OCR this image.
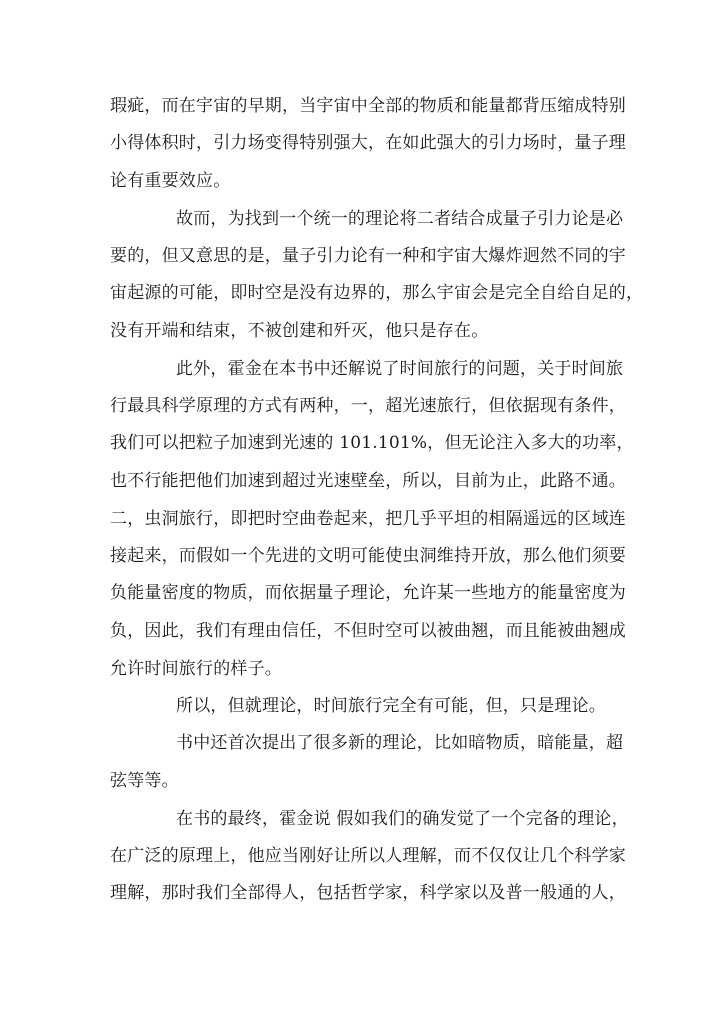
瑕疵，而在宇宙的早期，当宇宙中全部的物质和能量都背压缩成特别
小得体积时，引力场变得特别强大，在如此强大的引力场时，量子理
论有重要效应。
故而，为找到一个统一的理论将二者结合成量子引力论是必
要的，但又意思的是，量子引力论有一种和宇宙大爆炸迥然不同的宇
宙起源的可能，即时空是没有边界的，那么宇宙会是完全自给自足的，
没有开端和结束，不被创建和歼灭，他只是存在。
此外，霍金在本书中还解说了时间旅行的问题，关于时间旅
行最具科学原理的方式有两种，一，超光速旅行，但依据现有条件，
我们可以把粒子加速到光速的 101.101%，但无论注入多大的功率，
也不行能把他们加速到超过光速壁垒，所以，目前为止，此路不通。
二，虫洞旅行，即把时空曲卷起来，把几乎平坦的相隔遥远的区域连
接起来，而假如一个先进的文明可能使虫洞维持开放，那么他们须要
负能量密度的物质，而依据量子理论，允许某一些地方的能量密度为
负，因此，我们有理由信任，不但时空可以被曲翘，而且能被曲翘成
允许时间旅行的样子。
所以，但就理论，时间旅行完全有可能，但，只是理论。
书中还首次提出了很多新的理论，比如暗物质，暗能量，超
弦等等。
在书的最终，霍金说 假如我们的确发觉了一个完备的理论，
在广泛的原理上，他应当刚好让所以人理解，而不仅仅让几个科学家
理解，那时我们全部得人，包括哲学家，科学家以及普一般通的人，
